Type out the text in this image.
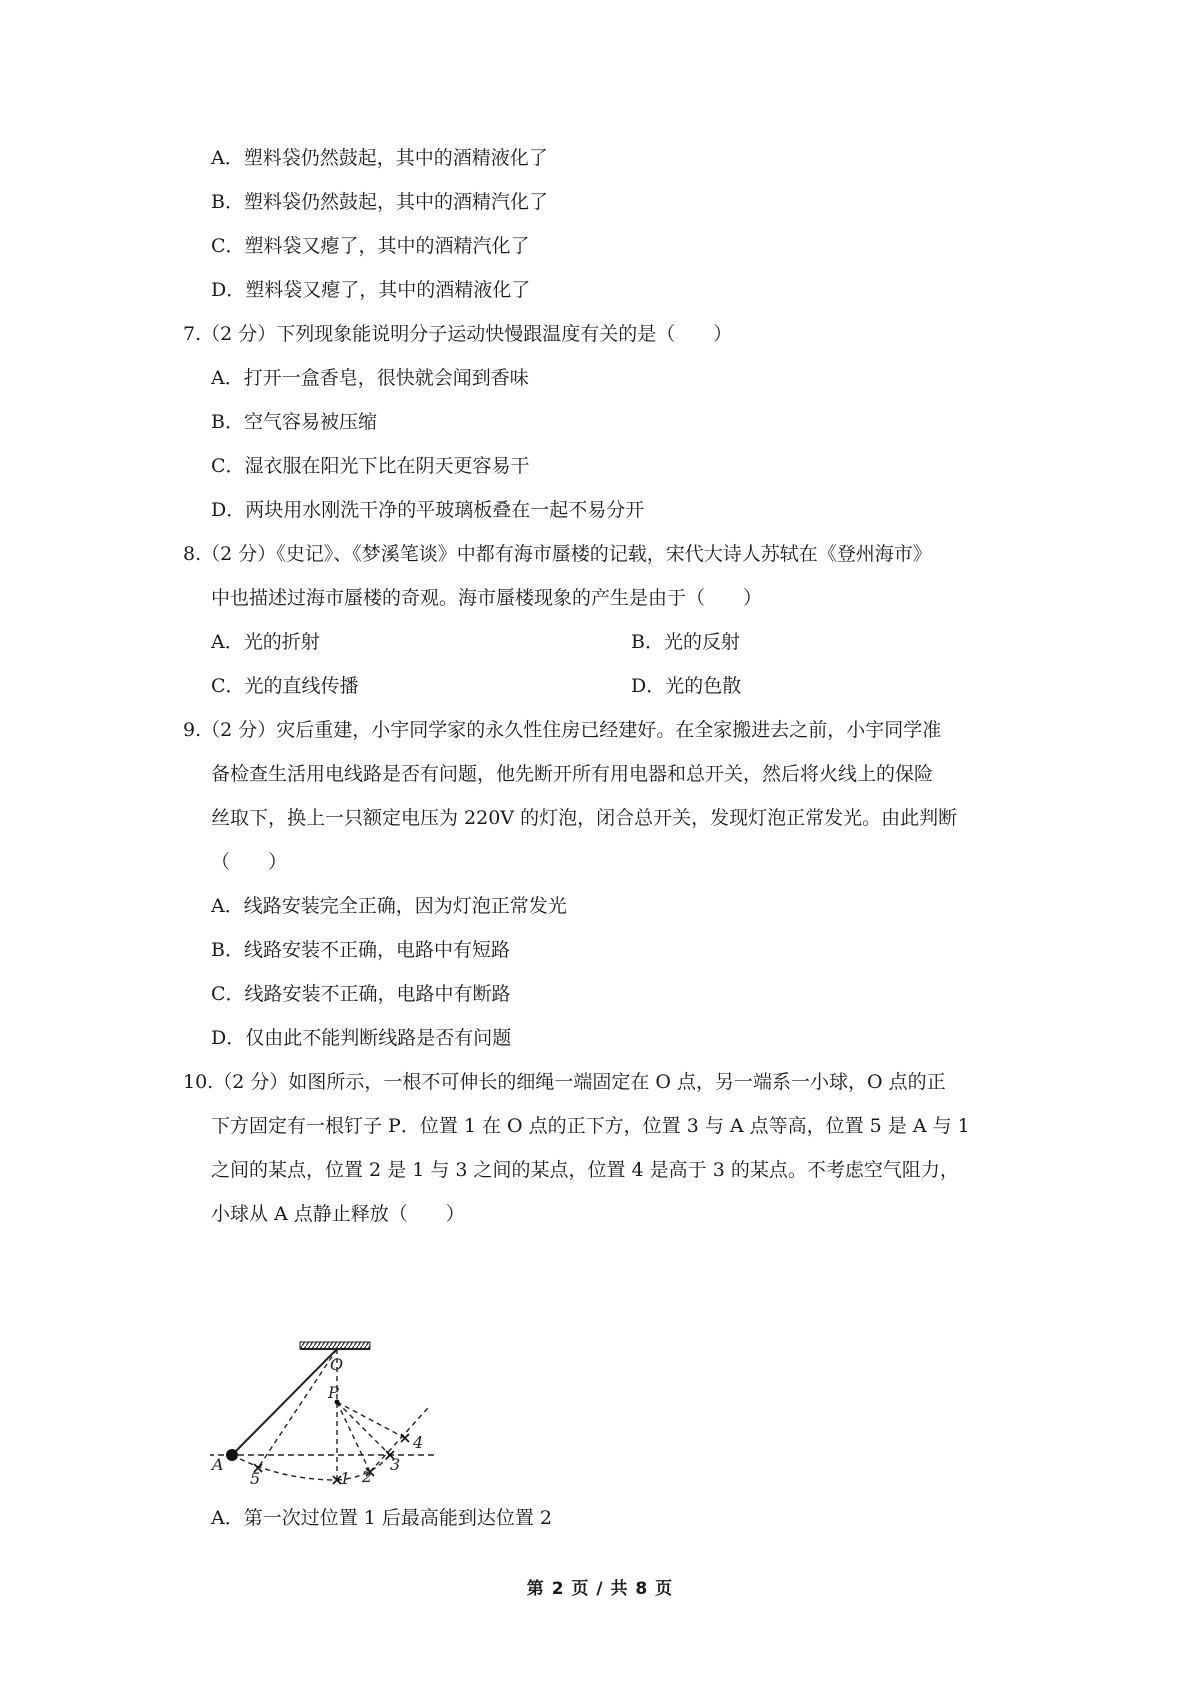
A．塑料袋仍然鼓起，其中的酒精液化了
B．塑料袋仍然鼓起，其中的酒精汽化了
C．塑料袋又瘪了，其中的酒精汽化了
D．塑料袋又瘪了，其中的酒精液化了
7.（2 分）下列现象能说明分子运动快慢跟温度有关的是（　　）
A．打开一盒香皂，很快就会闻到香味
B．空气容易被压缩
C．湿衣服在阳光下比在阴天更容易干
D．两块用水刚洗干净的平玻璃板叠在一起不易分开
8.（2 分）《史记》、《梦溪笔谈》中都有海市蜃楼的记载，宋代大诗人苏轼在《登州海市》
中也描述过海市蜃楼的奇观。海市蜃楼现象的产生是由于（　　）
A．光的折射	B．光的反射
C．光的直线传播	D．光的色散
9.（2 分）灾后重建，小宇同学家的永久性住房已经建好。在全家搬进去之前，小宇同学准
备检查生活用电线路是否有问题，他先断开所有用电器和总开关，然后将火线上的保险
丝取下，换上一只额定电压为 220V 的灯泡，闭合总开关，发现灯泡正常发光。由此判断
（　　）
A．线路安装完全正确，因为灯泡正常发光
B．线路安装不正确，电路中有短路
C．线路安装不正确，电路中有断路
D．仅由此不能判断线路是否有问题
10.（2 分）如图所示，一根不可伸长的细绳一端固定在 O 点，另一端系一小球，O 点的正
下方固定有一根钉子 P．位置 1 在 O 点的正下方，位置 3 与 A 点等高，位置 5 是 A 与 1
之间的某点，位置 2 是 1 与 3 之间的某点，位置 4 是高于 3 的某点。不考虑空气阻力，
小球从 A 点静止释放（　　）
O
P
A
5	1 2
3
4
A．第一次过位置 1 后最高能到达位置 2
第 2 页 / 共 8 页
